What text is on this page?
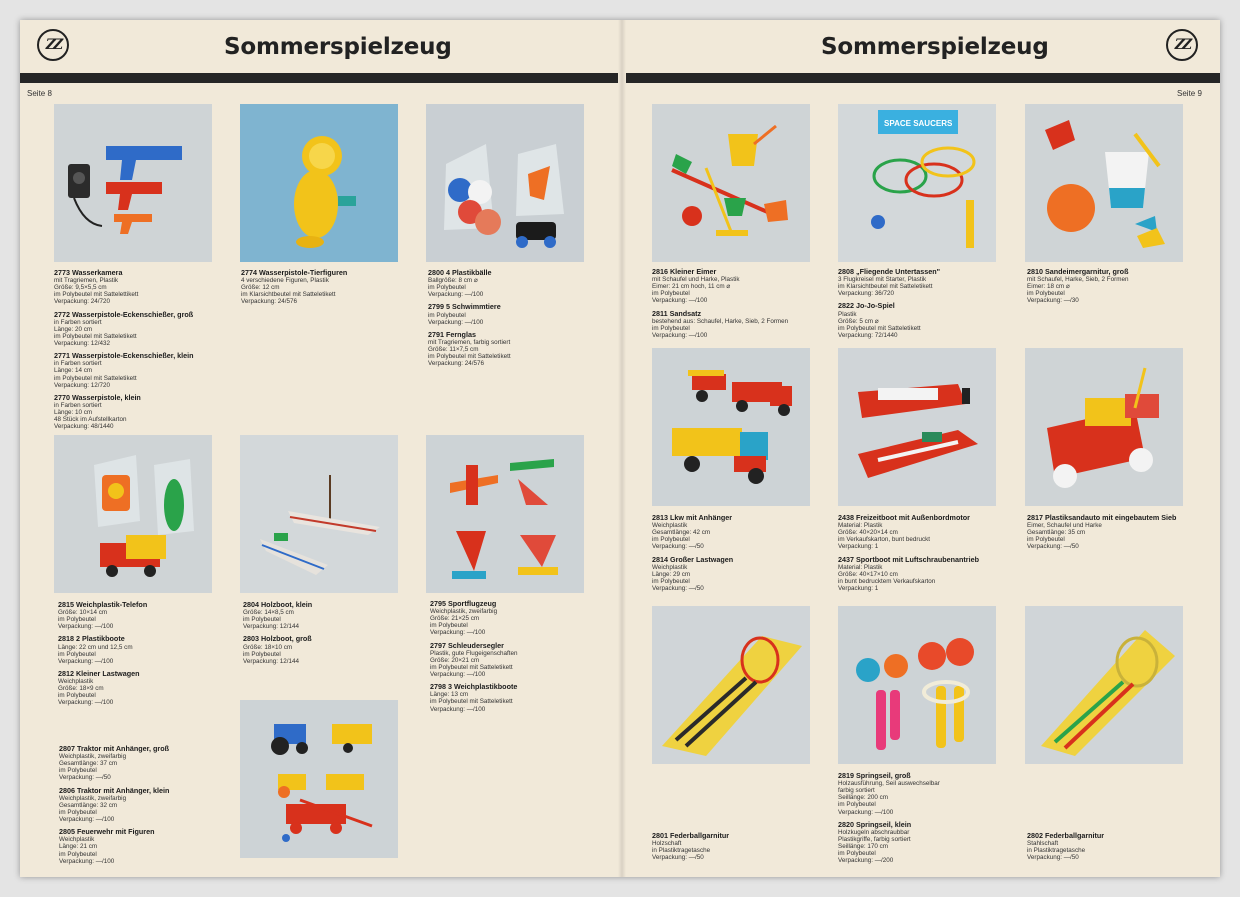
ZZ	Sommerspielzeug
Seite 8
ZZ
Sommerspielzeug
Seite 9
SPACE SAUCERS
2773 Wasserkamera
mit Tragriemen, Plastik
Größe: 9,5×5,5 cm
im Polybeutel mit Sattelettikett
Verpackung: 24/720
2772 Wasserpistole-Eckenschießer, groß
in Farben sortiert
Länge: 20 cm
im Polybeutel mit Satteletikett
Verpackung: 12/432
2771 Wasserpistole-Eckenschießer, klein
in Farben sortiert
Länge: 14 cm
im Polybeutel mit Satteletikett
Verpackung: 12/720
2770 Wasserpistole, klein
in Farben sortiert
Länge: 10 cm
48 Stück im Aufstellkarton
Verpackung: 48/1440
2774 Wasserpistole-Tierfiguren
4 verschiedene Figuren, Plastik
Größe: 12 cm
im Klarsichtbeutel mit Satteletikett
Verpackung: 24/576
2800 4 Plastikbälle
Ballgröße: 8 cm ⌀
im Polybeutel
Verpackung: —/100
2799 5 Schwimmtiere
im Polybeutel
Verpackung: —/100
2791 Fernglas
mit Tragriemen, farbig sortiert
Größe: 11×7,5 cm
im Polybeutel mit Satteletikett
Verpackung: 24/576
2815 Weichplastik-Telefon
Größe: 10×14 cm
im Polybeutel
Verpackung: —/100
2818 2 Plastikboote
Länge: 22 cm und 12,5 cm
im Polybeutel
Verpackung: —/100
2812 Kleiner Lastwagen
Weichplastik
Größe: 18×9 cm
im Polybeutel
Verpackung: —/100
2804 Holzboot, klein
Größe: 14×8,5 cm
im Polybeutel
Verpackung: 12/144
2803 Holzboot, groß
Größe: 18×10 cm
im Polybeutel
Verpackung: 12/144
2795 Sportflugzeug
Weichplastik, zweifarbig
Größe: 21×25 cm
im Polybeutel
Verpackung: —/100
2797 Schleudersegler
Plastik, gute Flugeigenschaften
Größe: 20×21 cm
im Polybeutel mit Satteletikett
Verpackung: —/100
2798 3 Weichplastikboote
Länge: 13 cm
im Polybeutel mit Satteletikett
Verpackung: —/100
2807 Traktor mit Anhänger, groß
Weichplastik, zweifarbig
Gesamtlänge: 37 cm
im Polybeutel
Verpackung: —/50
2806 Traktor mit Anhänger, klein
Weichplastik, zweifarbig
Gesamtlänge: 32 cm
im Polybeutel
Verpackung: —/100
2805 Feuerwehr mit Figuren
Weichplastik
Länge: 21 cm
im Polybeutel
Verpackung: —/100
2816 Kleiner Eimer
mit Schaufel und Harke, Plastik
Eimer: 21 cm hoch, 11 cm ⌀
im Polybeutel
Verpackung: —/100
2811 Sandsatz
bestehend aus: Schaufel, Harke, Sieb, 2 Formen
im Polybeutel
Verpackung: —/100
2808 „Fliegende Untertassen"
3 Flugkreisel mit Starter, Plastik
im Klarsichtbeutel mit Satteletikett
Verpackung: 36/720
2822 Jo-Jo-Spiel
Plastik
Größe: 5 cm ⌀
im Polybeutel mit Satteletikett
Verpackung: 72/1440
2810 Sandeimergarnitur, groß
mit Schaufel, Harke, Sieb, 2 Formen
Eimer: 18 cm ⌀
im Polybeutel
Verpackung: —/30
2813 Lkw mit Anhänger
Weichplastik
Gesamtlänge: 42 cm
im Polybeutel
Verpackung: —/50
2814 Großer Lastwagen
Weichplastik
Länge: 29 cm
im Polybeutel
Verpackung: —/50
2438 Freizeitboot mit Außenbordmotor
Material: Plastik
Größe: 40×20×14 cm
im Verkaufskarton, bunt bedruckt
Verpackung: 1
2437 Sportboot mit Luftschraubenantrieb
Material: Plastik
Größe: 40×17×10 cm
in bunt bedrucktem Verkaufskarton
Verpackung: 1
2817 Plastiksandauto mit eingebautem Sieb
Eimer, Schaufel und Harke
Gesamtlänge: 35 cm
im Polybeutel
Verpackung: —/50
2801 Federballgarnitur
Holzschaft
in Plastiktragetasche
Verpackung: —/50
2819 Springseil, groß
Holzausführung, Seil auswechselbar
farbig sortiert
Seillänge: 200 cm
im Polybeutel
Verpackung: —/100
2820 Springseil, klein
Holzkugeln abschraubbar
Plastikgriffe, farbig sortiert
Seillänge: 170 cm
im Polybeutel
Verpackung: —/200
2802 Federballgarnitur
Stahlschaft
in Plastiktragetasche
Verpackung: —/50
